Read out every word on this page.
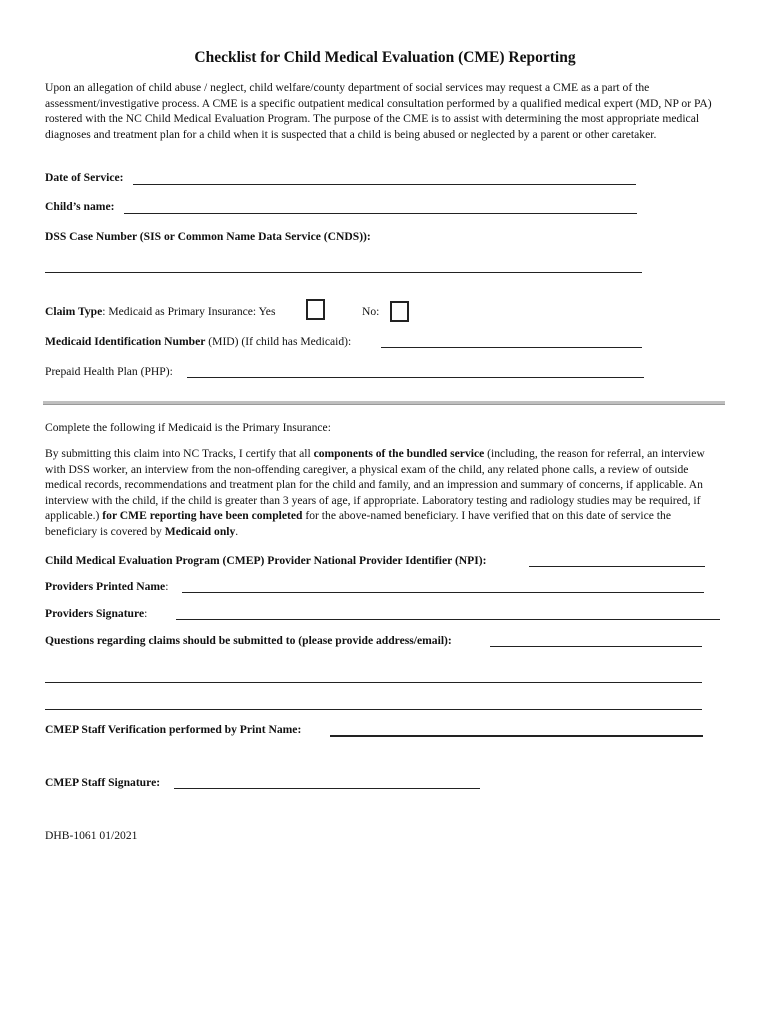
Checklist for Child Medical Evaluation (CME) Reporting
Upon an allegation of child abuse / neglect, child welfare/county department of social services may request a CME as a part of the assessment/investigative process. A CME is a specific outpatient medical consultation performed by a qualified medical expert (MD, NP or PA) rostered with the NC Child Medical Evaluation Program. The purpose of the CME is to assist with determining the most appropriate medical diagnoses and treatment plan for a child when it is suspected that a child is being abused or neglected by a parent or other caretaker.
Date of Service:
Child’s name:
DSS Case Number (SIS or Common Name Data Service (CNDS)):
Claim Type: Medicaid as Primary Insurance: Yes	No:
Medicaid Identification Number (MID) (If child has Medicaid):
Prepaid Health Plan (PHP):
Complete the following if Medicaid is the Primary Insurance:
By submitting this claim into NC Tracks, I certify that all components of the bundled service (including, the reason for referral, an interview with DSS worker, an interview from the non-offending caregiver, a physical exam of the child, any related phone calls, a review of outside medical records, recommendations and treatment plan for the child and family, and an impression and summary of concerns, if applicable. An interview with the child, if the child is greater than 3 years of age, if appropriate. Laboratory testing and radiology studies may be required, if applicable.) for CME reporting have been completed for the above-named beneficiary. I have verified that on this date of service the beneficiary is covered by Medicaid only.
Child Medical Evaluation Program (CMEP) Provider National Provider Identifier (NPI):
Providers Printed Name:
Providers Signature:
Questions regarding claims should be submitted to (please provide address/email):
CMEP Staff Verification performed by Print Name:
CMEP Staff Signature:
DHB-1061 01/2021
